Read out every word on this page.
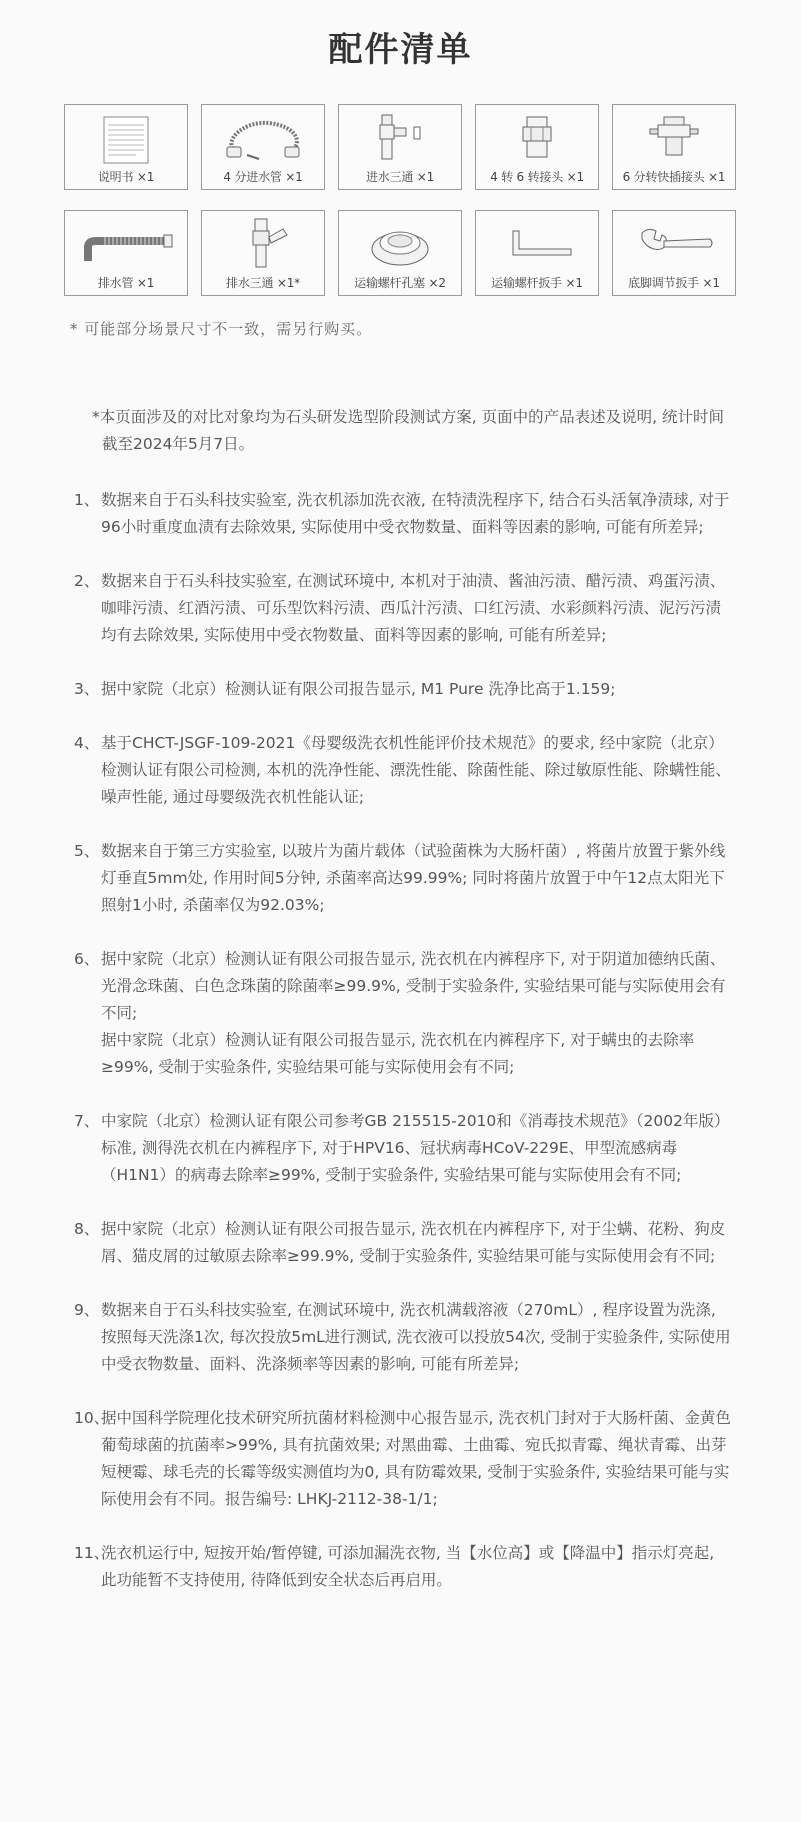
配件清单
说明书 ×1	4 分进水管 ×1	进水三通 ×1	4 转 6 转接头 ×1	6 分转快插接头 ×1
排水管 ×1	排水三通 ×1*	运输螺杆孔塞 ×2	运输螺杆扳手 ×1	底脚调节扳手 ×1
* 可能部分场景尺寸不一致，需另行购买。
*本页面涉及的对比对象均为石头研发选型阶段测试方案, 页面中的产品表述及说明, 统计时间截至2024年5月7日。
1、 数据来自于石头科技实验室, 洗衣机添加洗衣液, 在特渍洗程序下, 结合石头活氧净渍球, 对于96小时重度血渍有去除效果, 实际使用中受衣物数量、面料等因素的影响, 可能有所差异;

2、 数据来自于石头科技实验室, 在测试环境中, 本机对于油渍、酱油污渍、醋污渍、鸡蛋污渍、咖啡污渍、红酒污渍、可乐型饮料污渍、西瓜汁污渍、口红污渍、水彩颜料污渍、泥污污渍均有去除效果, 实际使用中受衣物数量、面料等因素的影响, 可能有所差异;

3、 据中家院（北京）检测认证有限公司报告显示, M1 Pure 洗净比高于1.159;

4、 基于CHCT-JSGF-109-2021《母婴级洗衣机性能评价技术规范》的要求, 经中家院（北京）检测认证有限公司检测, 本机的洗净性能、漂洗性能、除菌性能、除过敏原性能、除螨性能、噪声性能, 通过母婴级洗衣机性能认证;

5、 数据来自于第三方实验室, 以玻片为菌片载体（试验菌株为大肠杆菌）, 将菌片放置于紫外线灯垂直5mm处, 作用时间5分钟, 杀菌率高达99.99%; 同时将菌片放置于中午12点太阳光下照射1小时, 杀菌率仅为92.03%;

6、 据中家院（北京）检测认证有限公司报告显示, 洗衣机在内裤程序下, 对于阴道加德纳氏菌、光滑念珠菌、白色念珠菌的除菌率≥99.9%, 受制于实验条件, 实验结果可能与实际使用会有不同;

据中家院（北京）检测认证有限公司报告显示, 洗衣机在内裤程序下, 对于螨虫的去除率≥99%, 受制于实验条件, 实验结果可能与实际使用会有不同;

7、 中家院（北京）检测认证有限公司参考GB 215515-2010和《消毒技术规范》（2002年版）标准, 测得洗衣机在内裤程序下, 对于HPV16、冠状病毒HCoV-229E、甲型流感病毒（H1N1）的病毒去除率≥99%, 受制于实验条件, 实验结果可能与实际使用会有不同;

8、 据中家院（北京）检测认证有限公司报告显示, 洗衣机在内裤程序下, 对于尘螨、花粉、狗皮屑、猫皮屑的过敏原去除率≥99.9%, 受制于实验条件, 实验结果可能与实际使用会有不同;

9、 数据来自于石头科技实验室, 在测试环境中, 洗衣机满载溶液（270mL）, 程序设置为洗涤, 按照每天洗涤1次, 每次投放5mL进行测试, 洗衣液可以投放54次, 受制于实验条件, 实际使用中受衣物数量、面料、洗涤频率等因素的影响, 可能有所差异;

10、

据中国科学院理化技术研究所抗菌材料检测中心报告显示, 洗衣机门封对于大肠杆菌、金黄色葡萄球菌的抗菌率>99%, 具有抗菌效果; 对黑曲霉、土曲霉、宛氏拟青霉、绳状青霉、出芽短梗霉、球毛壳的长霉等级实测值均为0, 具有防霉效果, 受制于实验条件, 实验结果可能与实际使用会有不同。报告编号: LHKJ-2112-38-1/1;

11、

洗衣机运行中, 短按开始/暂停键, 可添加漏洗衣物, 当【水位高】或【降温中】指示灯亮起, 此功能暂不支持使用, 待降低到安全状态后再启用。
